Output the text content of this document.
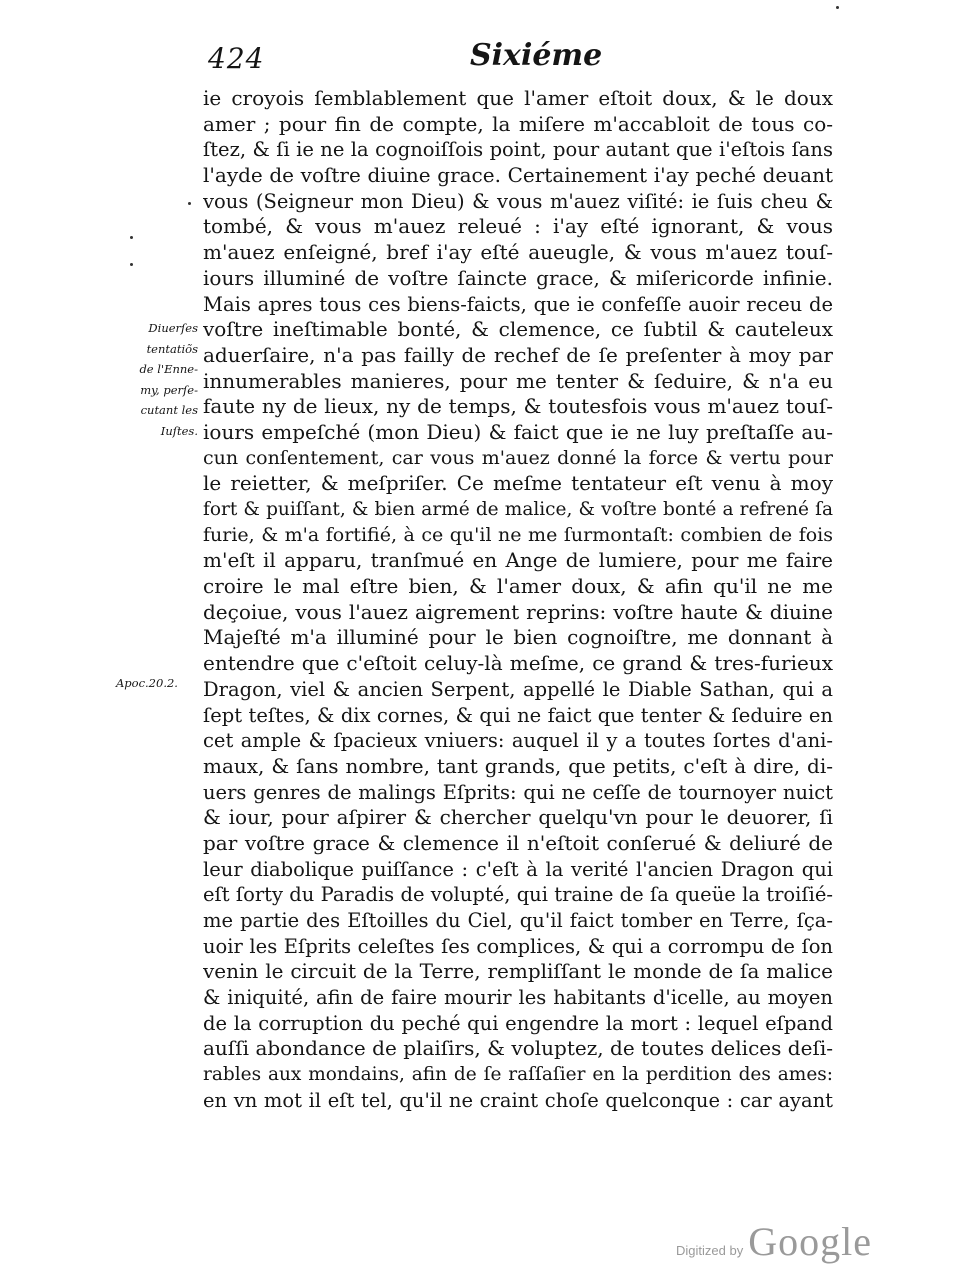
424	Sixiéme
Diuerſes
tentatiõs
de l'Enne-
my, perſe-
cutant les
Iuſtes.
Apoc.20.2.
ie croyois ſemblablement que l'amer eſtoit doux, & le doux
amer ; pour fin de compte, la miſere m'accabloit de tous co-
ſtez, & ſi ie ne la cognoiſſois point, pour autant que i'eſtois ſans
l'ayde de voſtre diuine grace. Certainement i'ay peché deuant
vous (Seigneur mon Dieu) & vous m'auez viſité: ie ſuis cheu &
tombé, & vous m'auez releué : i'ay eſté ignorant, & vous
m'auez enſeigné, bref i'ay eſté aueugle, & vous m'auez touſ-
iours illuminé de voſtre ſaincte grace, & miſericorde infinie.
Mais apres tous ces biens-faicts, que ie confeſſe auoir receu de
voſtre ineſtimable bonté, & clemence, ce ſubtil & cauteleux
aduerſaire, n'a pas failly de rechef de ſe preſenter à moy par
innumerables manieres, pour me tenter & ſeduire, & n'a eu
faute ny de lieux, ny de temps, & toutesfois vous m'auez touſ-
iours empeſché (mon Dieu) & faict que ie ne luy preſtaſſe au-
cun conſentement, car vous m'auez donné la force & vertu pour
le reietter, & meſpriſer. Ce meſme tentateur eſt venu à moy
fort & puiſſant, & bien armé de malice, & voſtre bonté a refrené ſa
furie, & m'a fortifié, à ce qu'il ne me ſurmontaſt: combien de fois
m'eſt il apparu, tranſmué en Ange de lumiere, pour me faire
croire le mal eſtre bien, & l'amer doux, & afin qu'il ne me
deçoiue, vous l'auez aigrement reprins: voſtre haute & diuine
Majeſté m'a illuminé pour le bien cognoiſtre, me donnant à
entendre que c'eſtoit celuy-là meſme, ce grand & tres-furieux
Dragon, viel & ancien Serpent, appellé le Diable Sathan, qui a
ſept teſtes, & dix cornes, & qui ne faict que tenter & ſeduire en
cet ample & ſpacieux vniuers: auquel il y a toutes ſortes d'ani-
maux, & ſans nombre, tant grands, que petits, c'eſt à dire, di-
uers genres de malings Eſprits: qui ne ceſſe de tournoyer nuict
& iour, pour aſpirer & chercher quelqu'vn pour le deuorer, ſi
par voſtre grace & clemence il n'eſtoit conſerué & deliuré de
leur diabolique puiſſance : c'eſt à la verité l'ancien Dragon qui
eſt ſorty du Paradis de volupté, qui traine de ſa queüe la troiſié-
me partie des Eſtoilles du Ciel, qu'il faict tomber en Terre, ſça-
uoir les Eſprits celeſtes ſes complices, & qui a corrompu de ſon
venin le circuit de la Terre, rempliſſant le monde de ſa malice
& iniquité, afin de faire mourir les habitants d'icelle, au moyen
de la corruption du peché qui engendre la mort : lequel eſpand
auſſi abondance de plaiſirs, & voluptez, de toutes delices deſi-
rables aux mondains, afin de ſe raſſaſier en la perdition des ames:
en vn mot il eſt tel, qu'il ne craint choſe quelconque : car ayant
Digitized by Google
